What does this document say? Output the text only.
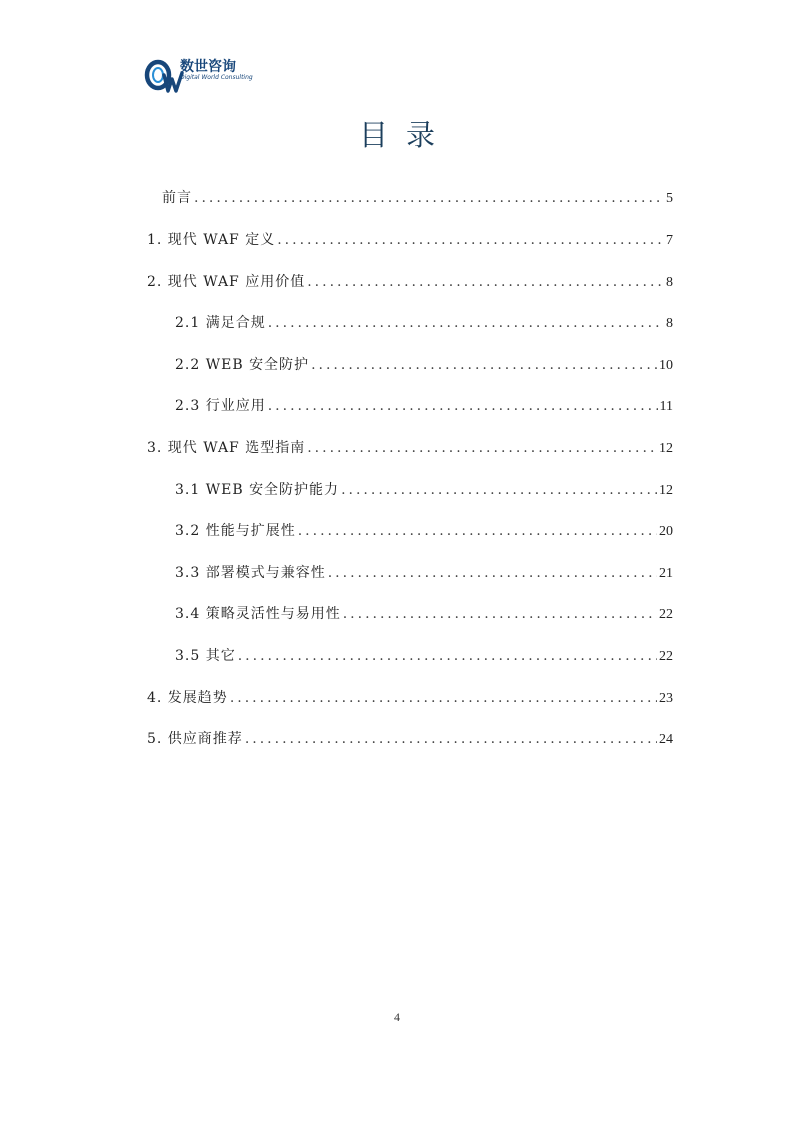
数世咨询
Digital World Consulting
目录
前言 .....	5
1. 现代 WAF 定义 .....	7
2. 现代 WAF 应用价值 .....	8
2.1 满足合规 .....	8
2.2 WEB 安全防护 .....	10
2.3 行业应用 .....	11
3. 现代 WAF 选型指南 .....	12
3.1 WEB 安全防护能力 .....	12
3.2 性能与扩展性 .....	20
3.3 部署模式与兼容性 .....	21
3.4 策略灵活性与易用性 .....	22
3.5 其它 .....	22
4. 发展趋势 .....	23
5. 供应商推荐 .....	24
4
